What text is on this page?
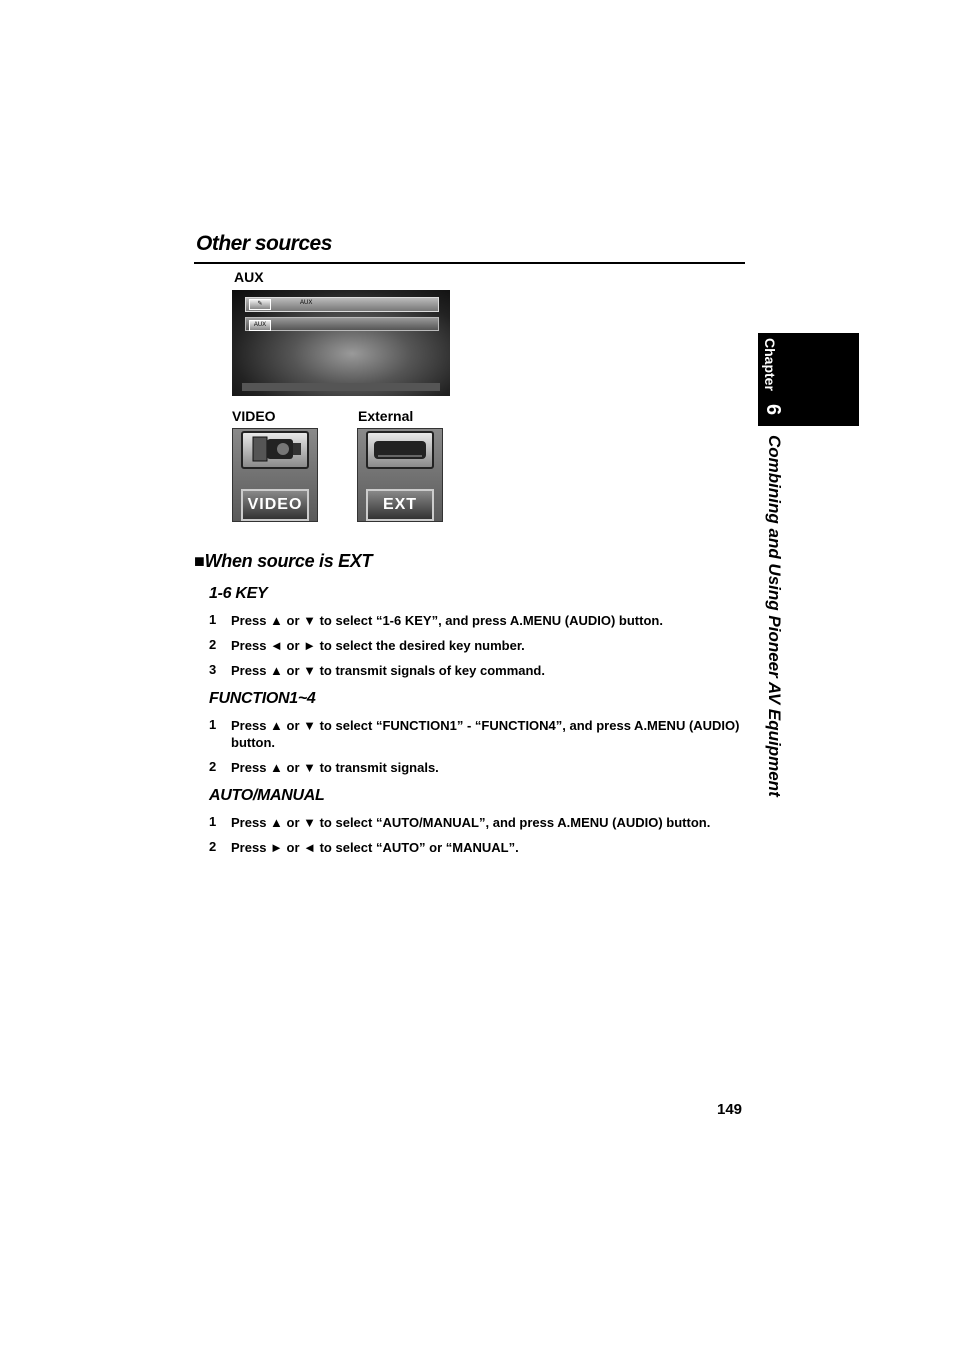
Other sources
AUX
✎	AUX
AUX
VIDEO	External
VIDEO	EXT
■When source is EXT
1-6 KEY
1 Press ▲ or ▼ to select “1-6 KEY”, and press A.MENU (AUDIO) button.
2 Press ◄ or ► to select the desired key number.
3 Press ▲ or ▼ to transmit signals of key command.
FUNCTION1~4
1 Press ▲ or ▼ to select “FUNCTION1” - “FUNCTION4”, and press A.MENU (AUDIO) button.
2 Press ▲ or ▼ to transmit signals.
AUTO/MANUAL
1 Press ▲ or ▼ to select “AUTO/MANUAL”, and press A.MENU (AUDIO) button.
2 Press ► or ◄ to select “AUTO” or “MANUAL”.
Chapter
6
Combining and Using Pioneer AV Equipment
149
